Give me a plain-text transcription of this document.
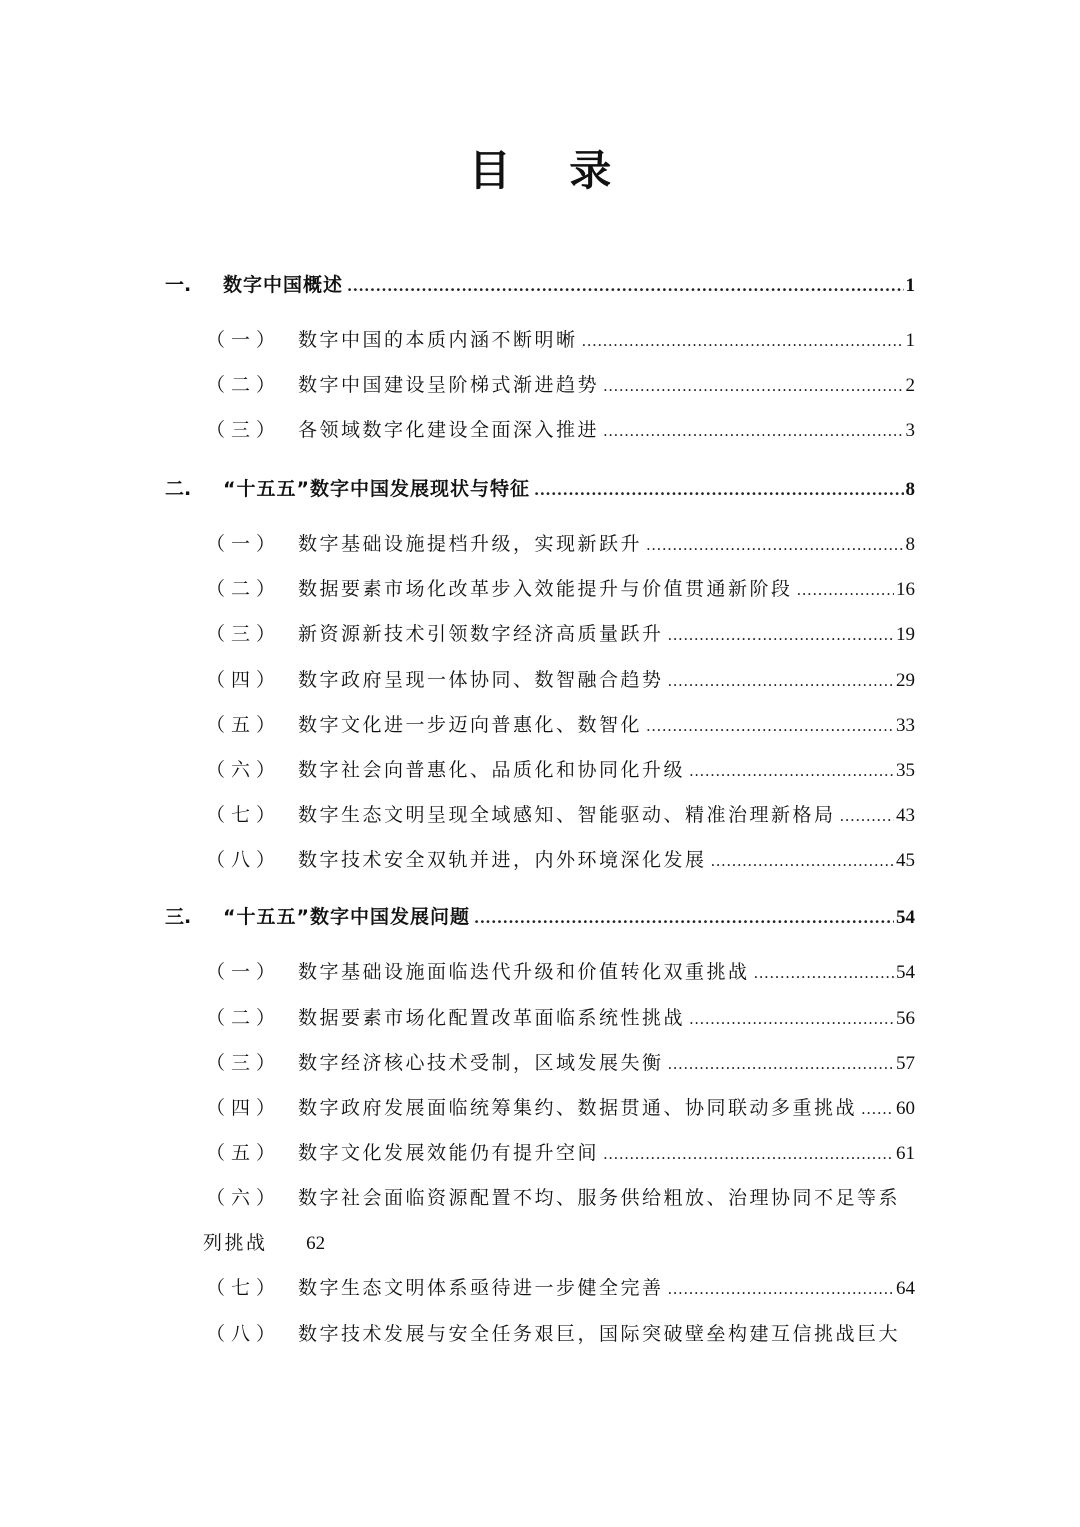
目 录
一.	数字中国概述 .....	1
（一） 数字中国的本质内涵不断明晰 .....	1
（二） 数字中国建设呈阶梯式渐进趋势 .....	2
（三） 各领域数字化建设全面深入推进 .....	3
二.	“十五五”数字中国发展现状与特征 .....	8
（一） 数字基础设施提档升级，实现新跃升 .....	8
（二） 数据要素市场化改革步入效能提升与价值贯通新阶段 .....	16
（三） 新资源新技术引领数字经济高质量跃升 .....	19
（四） 数字政府呈现一体协同、数智融合趋势 .....	29
（五） 数字文化进一步迈向普惠化、数智化 .....	33
（六） 数字社会向普惠化、品质化和协同化升级 .....	35
（七） 数字生态文明呈现全域感知、智能驱动、精准治理新格局 .....	43
（八） 数字技术安全双轨并进，内外环境深化发展 .....	45
三.	“十五五”数字中国发展问题 .....	54
（一） 数字基础设施面临迭代升级和价值转化双重挑战 .....	54
（二） 数据要素市场化配置改革面临系统性挑战 .....	56
（三） 数字经济核心技术受制，区域发展失衡 .....	57
（四） 数字政府发展面临统筹集约、数据贯通、协同联动多重挑战 ..... 60
（五） 数字文化发展效能仍有提升空间 .....	61
（六） 数字社会面临资源配置不均、服务供给粗放、治理协同不足等系
列挑战 62
（七） 数字生态文明体系亟待进一步健全完善 .....	64
（八） 数字技术发展与安全任务艰巨，国际突破壁垒构建互信挑战巨大
